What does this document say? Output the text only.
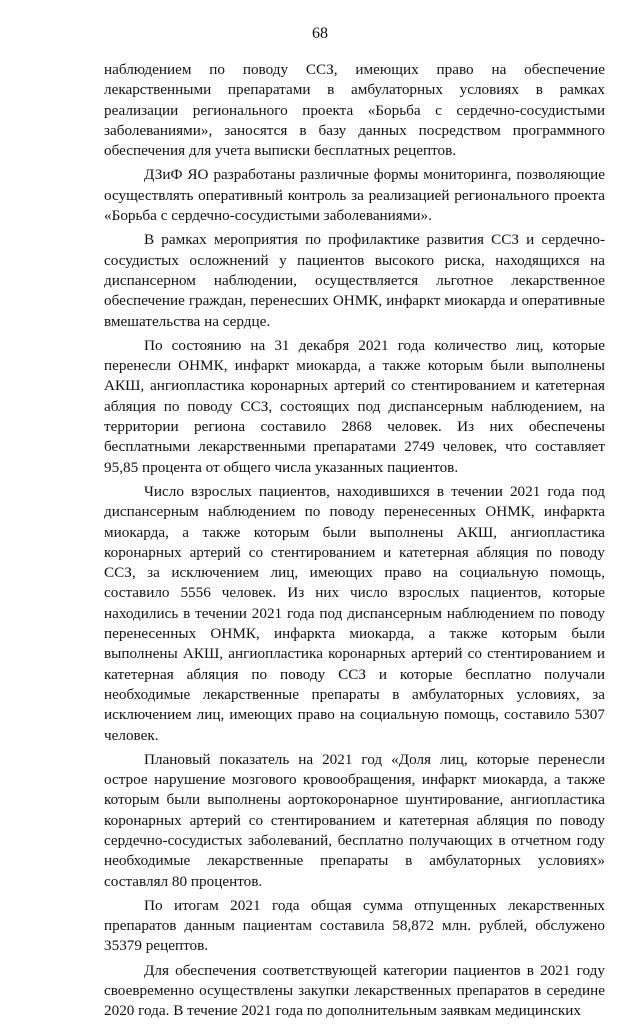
68

наблюдением по поводу ССЗ, имеющих право на обеспечение лекарственными препаратами в амбулаторных условиях в рамках реализации регионального проекта «Борьба с сердечно-сосудистыми заболеваниями», заносятся в базу данных посредством программного обеспечения для учета выписки бесплатных рецептов.

ДЗиФ ЯО разработаны различные формы мониторинга, позволяющие осуществлять оперативный контроль за реализацией регионального проекта «Борьба с сердечно-сосудистыми заболеваниями».

В рамках мероприятия по профилактике развития ССЗ и сердечно-сосудистых осложнений у пациентов высокого риска, находящихся на диспансерном наблюдении, осуществляется льготное лекарственное обеспечение граждан, перенесших ОНМК, инфаркт миокарда и оперативные вмешательства на сердце.

По состоянию на 31 декабря 2021 года количество лиц, которые перенесли ОНМК, инфаркт миокарда, а также которым были выполнены АКШ, ангиопластика коронарных артерий со стентированием и катетерная абляция по поводу ССЗ, состоящих под диспансерным наблюдением, на территории региона составило 2868 человек. Из них обеспечены бесплатными лекарственными препаратами 2749 человек, что составляет 95,85 процента от общего числа указанных пациентов.

Число взрослых пациентов, находившихся в течении 2021 года под диспансерным наблюдением по поводу перенесенных ОНМК, инфаркта миокарда, а также которым были выполнены АКШ, ангиопластика коронарных артерий со стентированием и катетерная абляция по поводу ССЗ, за исключением лиц, имеющих право на социальную помощь, составило 5556 человек. Из них число взрослых пациентов, которые находились в течении 2021 года под диспансерным наблюдением по поводу перенесенных ОНМК, инфаркта миокарда, а также которым были выполнены АКШ, ангиопластика коронарных артерий со стентированием и катетерная абляция по поводу ССЗ и которые бесплатно получали необходимые лекарственные препараты в амбулаторных условиях, за исключением лиц, имеющих право на социальную помощь, составило 5307 человек.

Плановый показатель на 2021 год «Доля лиц, которые перенесли острое нарушение мозгового кровообращения, инфаркт миокарда, а также которым были выполнены аортокоронарное шунтирование, ангиопластика коронарных артерий со стентированием и катетерная абляция по поводу сердечно-сосудистых заболеваний, бесплатно получающих в отчетном году необходимые лекарственные препараты в амбулаторных условиях» составлял 80 процентов.

По итогам 2021 года общая сумма отпущенных лекарственных препаратов данным пациентам составила 58,872 млн. рублей, обслужено 35379 рецептов.

Для обеспечения соответствующей категории пациентов в 2021 году своевременно осуществлены закупки лекарственных препаратов в середине 2020 года. В течение 2021 года по дополнительным заявкам медицинских
